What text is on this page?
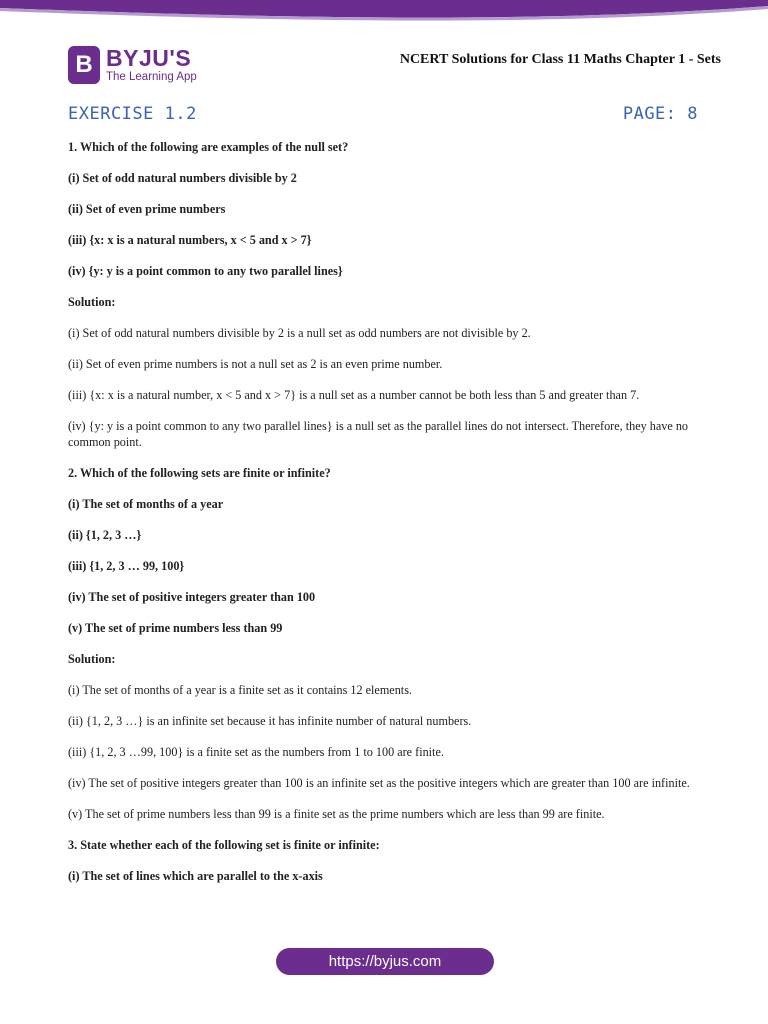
B BYJU'S
The Learning App
NCERT Solutions for Class 11 Maths Chapter 1 - Sets
EXERCISE 1.2	PAGE: 8

1. Which of the following are examples of the null set?

(i) Set of odd natural numbers divisible by 2

(ii) Set of even prime numbers

(iii) {x: x is a natural numbers, x < 5 and x > 7}

(iv) {y: y is a point common to any two parallel lines}

Solution:

(i) Set of odd natural numbers divisible by 2 is a null set as odd numbers are not divisible by 2.

(ii) Set of even prime numbers is not a null set as 2 is an even prime number.

(iii) {x: x is a natural number, x < 5 and x > 7} is a null set as a number cannot be both less than 5 and greater than 7.

(iv) {y: y is a point common to any two parallel lines} is a null set as the parallel lines do not intersect. Therefore, they have no common point.

2. Which of the following sets are finite or infinite?

(i) The set of months of a year

(ii) {1, 2, 3 …}

(iii) {1, 2, 3 … 99, 100}

(iv) The set of positive integers greater than 100

(v) The set of prime numbers less than 99

Solution:

(i) The set of months of a year is a finite set as it contains 12 elements.

(ii) {1, 2, 3 …} is an infinite set because it has infinite number of natural numbers.

(iii) {1, 2, 3 …99, 100} is a finite set as the numbers from 1 to 100 are finite.

(iv) The set of positive integers greater than 100 is an infinite set as the positive integers which are greater than 100 are infinite.

(v) The set of prime numbers less than 99 is a finite set as the prime numbers which are less than 99 are finite.

3. State whether each of the following set is finite or infinite:

(i) The set of lines which are parallel to the x-axis

https://byjus.com
